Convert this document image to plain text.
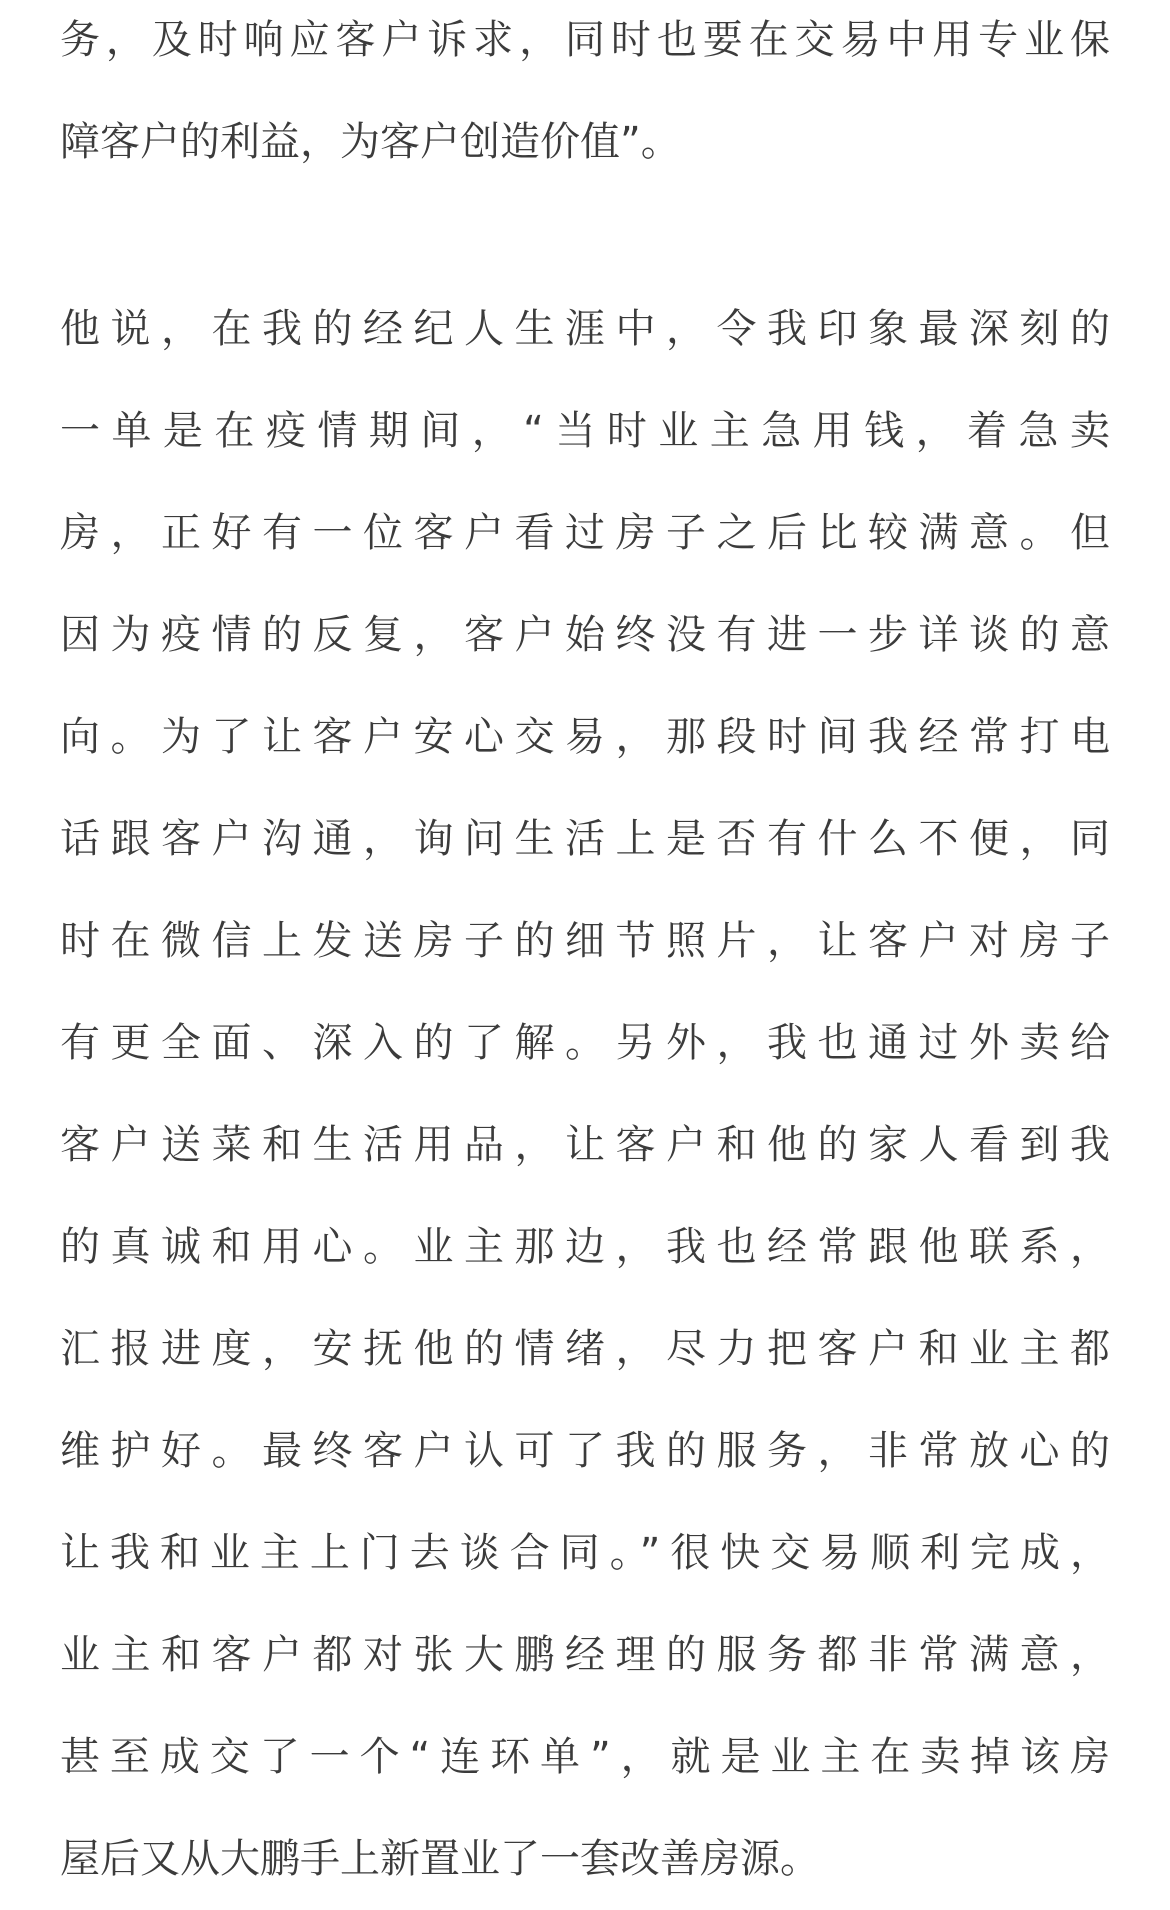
务，及时响应客户诉求，同时也要在交易中用专业保
障客户的利益，为客户创造价值”。
他说，在我的经纪人生涯中，令我印象最深刻的
一单是在疫情期间，“当时业主急用钱，着急卖
房，正好有一位客户看过房子之后比较满意。但
因为疫情的反复，客户始终没有进一步详谈的意
向。为了让客户安心交易，那段时间我经常打电
话跟客户沟通，询问生活上是否有什么不便，同
时在微信上发送房子的细节照片，让客户对房子
有更全面、深入的了解。另外，我也通过外卖给
客户送菜和生活用品，让客户和他的家人看到我
的真诚和用心。业主那边，我也经常跟他联系，
汇报进度，安抚他的情绪，尽力把客户和业主都
维护好。最终客户认可了我的服务，非常放心的
让我和业主上门去谈合同。”很快交易顺利完成，
业主和客户都对张大鹏经理的服务都非常满意，
甚至成交了一个“连环单”，就是业主在卖掉该房
屋后又从大鹏手上新置业了一套改善房源。
